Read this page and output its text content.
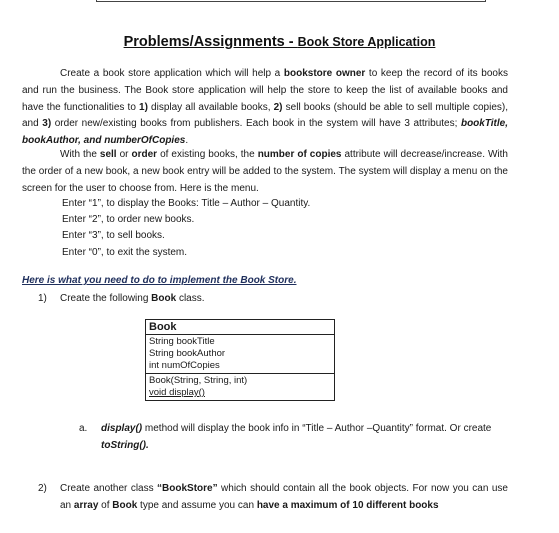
Problems/Assignments - Book Store Application

Create a book store application which will help a bookstore owner to keep the record of its books and run the business. The Book store application will help the store to keep the list of available books and have the functionalities to 1) display all available books, 2) sell books (should be able to sell multiple copies), and 3) order new/existing books from publishers. Each book in the system will have 3 attributes; bookTitle, bookAuthor, and numberOfCopies.

With the sell or order of existing books, the number of copies attribute will decrease/increase. With the order of a new book, a new book entry will be added to the system. The system will display a menu on the screen for the user to choose from. Here is the menu.

Enter “1”, to display the Books: Title – Author – Quantity.
Enter “2”, to order new books.
Enter “3”, to sell books.
Enter “0”, to exit the system.
Here is what you need to do to implement the Book Store.
1) Create the following Book class.
Book
String bookTitle
String bookAuthor
int numOfCopies
Book(String, String, int)
void display()
a. display() method will display the book info in “Title – Author –Quantity” format. Or create toString().
2)	Create another class “BookStore” which should contain all the book objects. For now you can use an array of Book type and assume you can have a maximum of 10 different books
